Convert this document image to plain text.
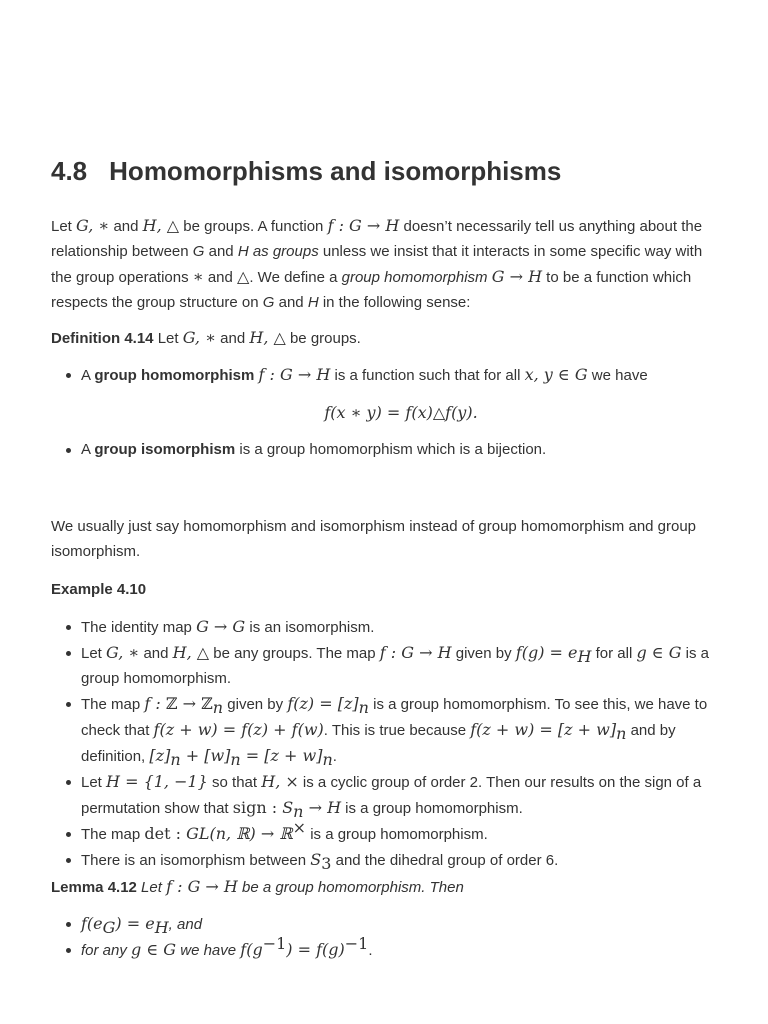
4.8 Homomorphisms and isomorphisms

Let G, ∗ and H, △ be groups. A function f : G → H doesn’t necessarily tell us anything about the relationship between G and H as groups unless we insist that it interacts in some specific way with the group operations ∗ and △. We define a group homomorphism G → H to be a function which respects the group structure on G and H in the following sense:

Definition 4.14 Let G, ∗ and H, △ be groups.

A group homomorphism f : G → H is a function such that for all x, y ∈ G we have

f(x ∗ y) = f(x)△f(y).

A group isomorphism is a group homomorphism which is a bijection.

We usually just say homomorphism and isomorphism instead of group homomorphism and group isomorphism.

Example 4.10

The identity map G → G is an isomorphism.
Let G, ∗ and H, △ be any groups. The map f : G → H given by $f(g) = e_H$ for all g ∈ G is a group homomorphism.
The map f : ℤ → ℤ$_n$ given by $f(z) = [z]_n$ is a group homomorphism. To see this, we have to check that f(z + w) = f(z) + f(w). This is true because $f(z + w) = [z + w]_n$ and by definition, $[z]_n + [w]_n = [z + w]_n$.
Let H = {1, −1} so that H, × is a cyclic group of order 2. Then our results on the sign of a permutation show that sign : $S_n \to H$ is a group homomorphism.
The map det : GL(n, ℝ) → ℝ× is a group homomorphism.
There is an isomorphism between $S_3$ and the dihedral group of order 6.

Lemma 4.12 Let f : G → H be a group homomorphism. Then

$f(e_G) = e_H$, and
for any g ∈ G we have $f(g^{-1}) = f(g)^{-1}$.
